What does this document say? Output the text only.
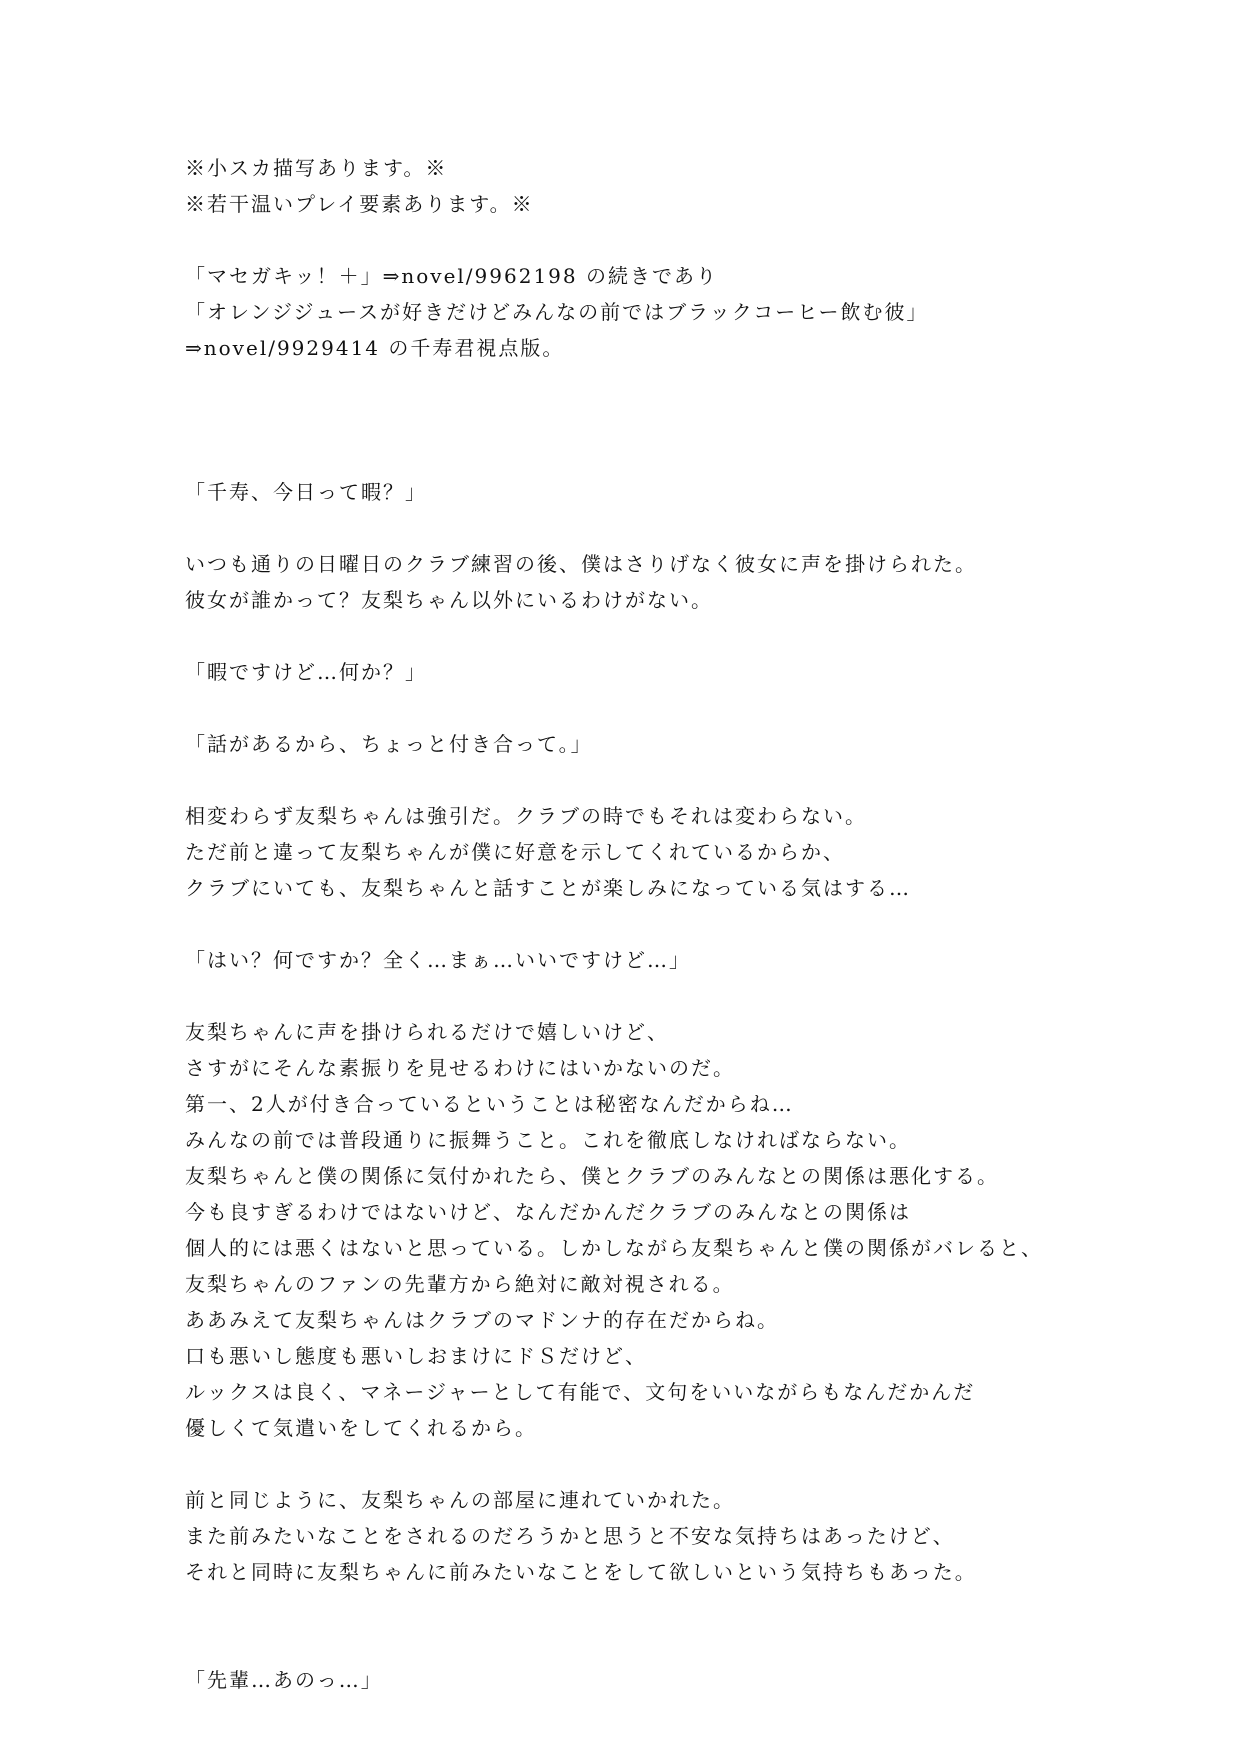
※小スカ描写あります。※
※若干温いプレイ要素あります。※
「マセガキッ！＋」⇒novel/9962198 の続きであり
「オレンジジュースが好きだけどみんなの前ではブラックコーヒー飲む彼」
⇒novel/9929414 の千寿君視点版。
「千寿、今日って暇？」
いつも通りの日曜日のクラブ練習の後、僕はさりげなく彼女に声を掛けられた。
彼女が誰かって？友梨ちゃん以外にいるわけがない。
「暇ですけど…何か？」
「話があるから、ちょっと付き合って。」
相変わらず友梨ちゃんは強引だ。クラブの時でもそれは変わらない。
ただ前と違って友梨ちゃんが僕に好意を示してくれているからか、
クラブにいても、友梨ちゃんと話すことが楽しみになっている気はする…
「はい？何ですか？全く…まぁ…いいですけど…」
友梨ちゃんに声を掛けられるだけで嬉しいけど、
さすがにそんな素振りを見せるわけにはいかないのだ。
第一、2人が付き合っているということは秘密なんだからね…
みんなの前では普段通りに振舞うこと。これを徹底しなければならない。
友梨ちゃんと僕の関係に気付かれたら、僕とクラブのみんなとの関係は悪化する。
今も良すぎるわけではないけど、なんだかんだクラブのみんなとの関係は
個人的には悪くはないと思っている。しかしながら友梨ちゃんと僕の関係がバレると、
友梨ちゃんのファンの先輩方から絶対に敵対視される。
ああみえて友梨ちゃんはクラブのマドンナ的存在だからね。
口も悪いし態度も悪いしおまけにドＳだけど、
ルックスは良く、マネージャーとして有能で、文句をいいながらもなんだかんだ
優しくて気遣いをしてくれるから。
前と同じように、友梨ちゃんの部屋に連れていかれた。
また前みたいなことをされるのだろうかと思うと不安な気持ちはあったけど、
それと同時に友梨ちゃんに前みたいなことをして欲しいという気持ちもあった。
「先輩…あのっ…」
